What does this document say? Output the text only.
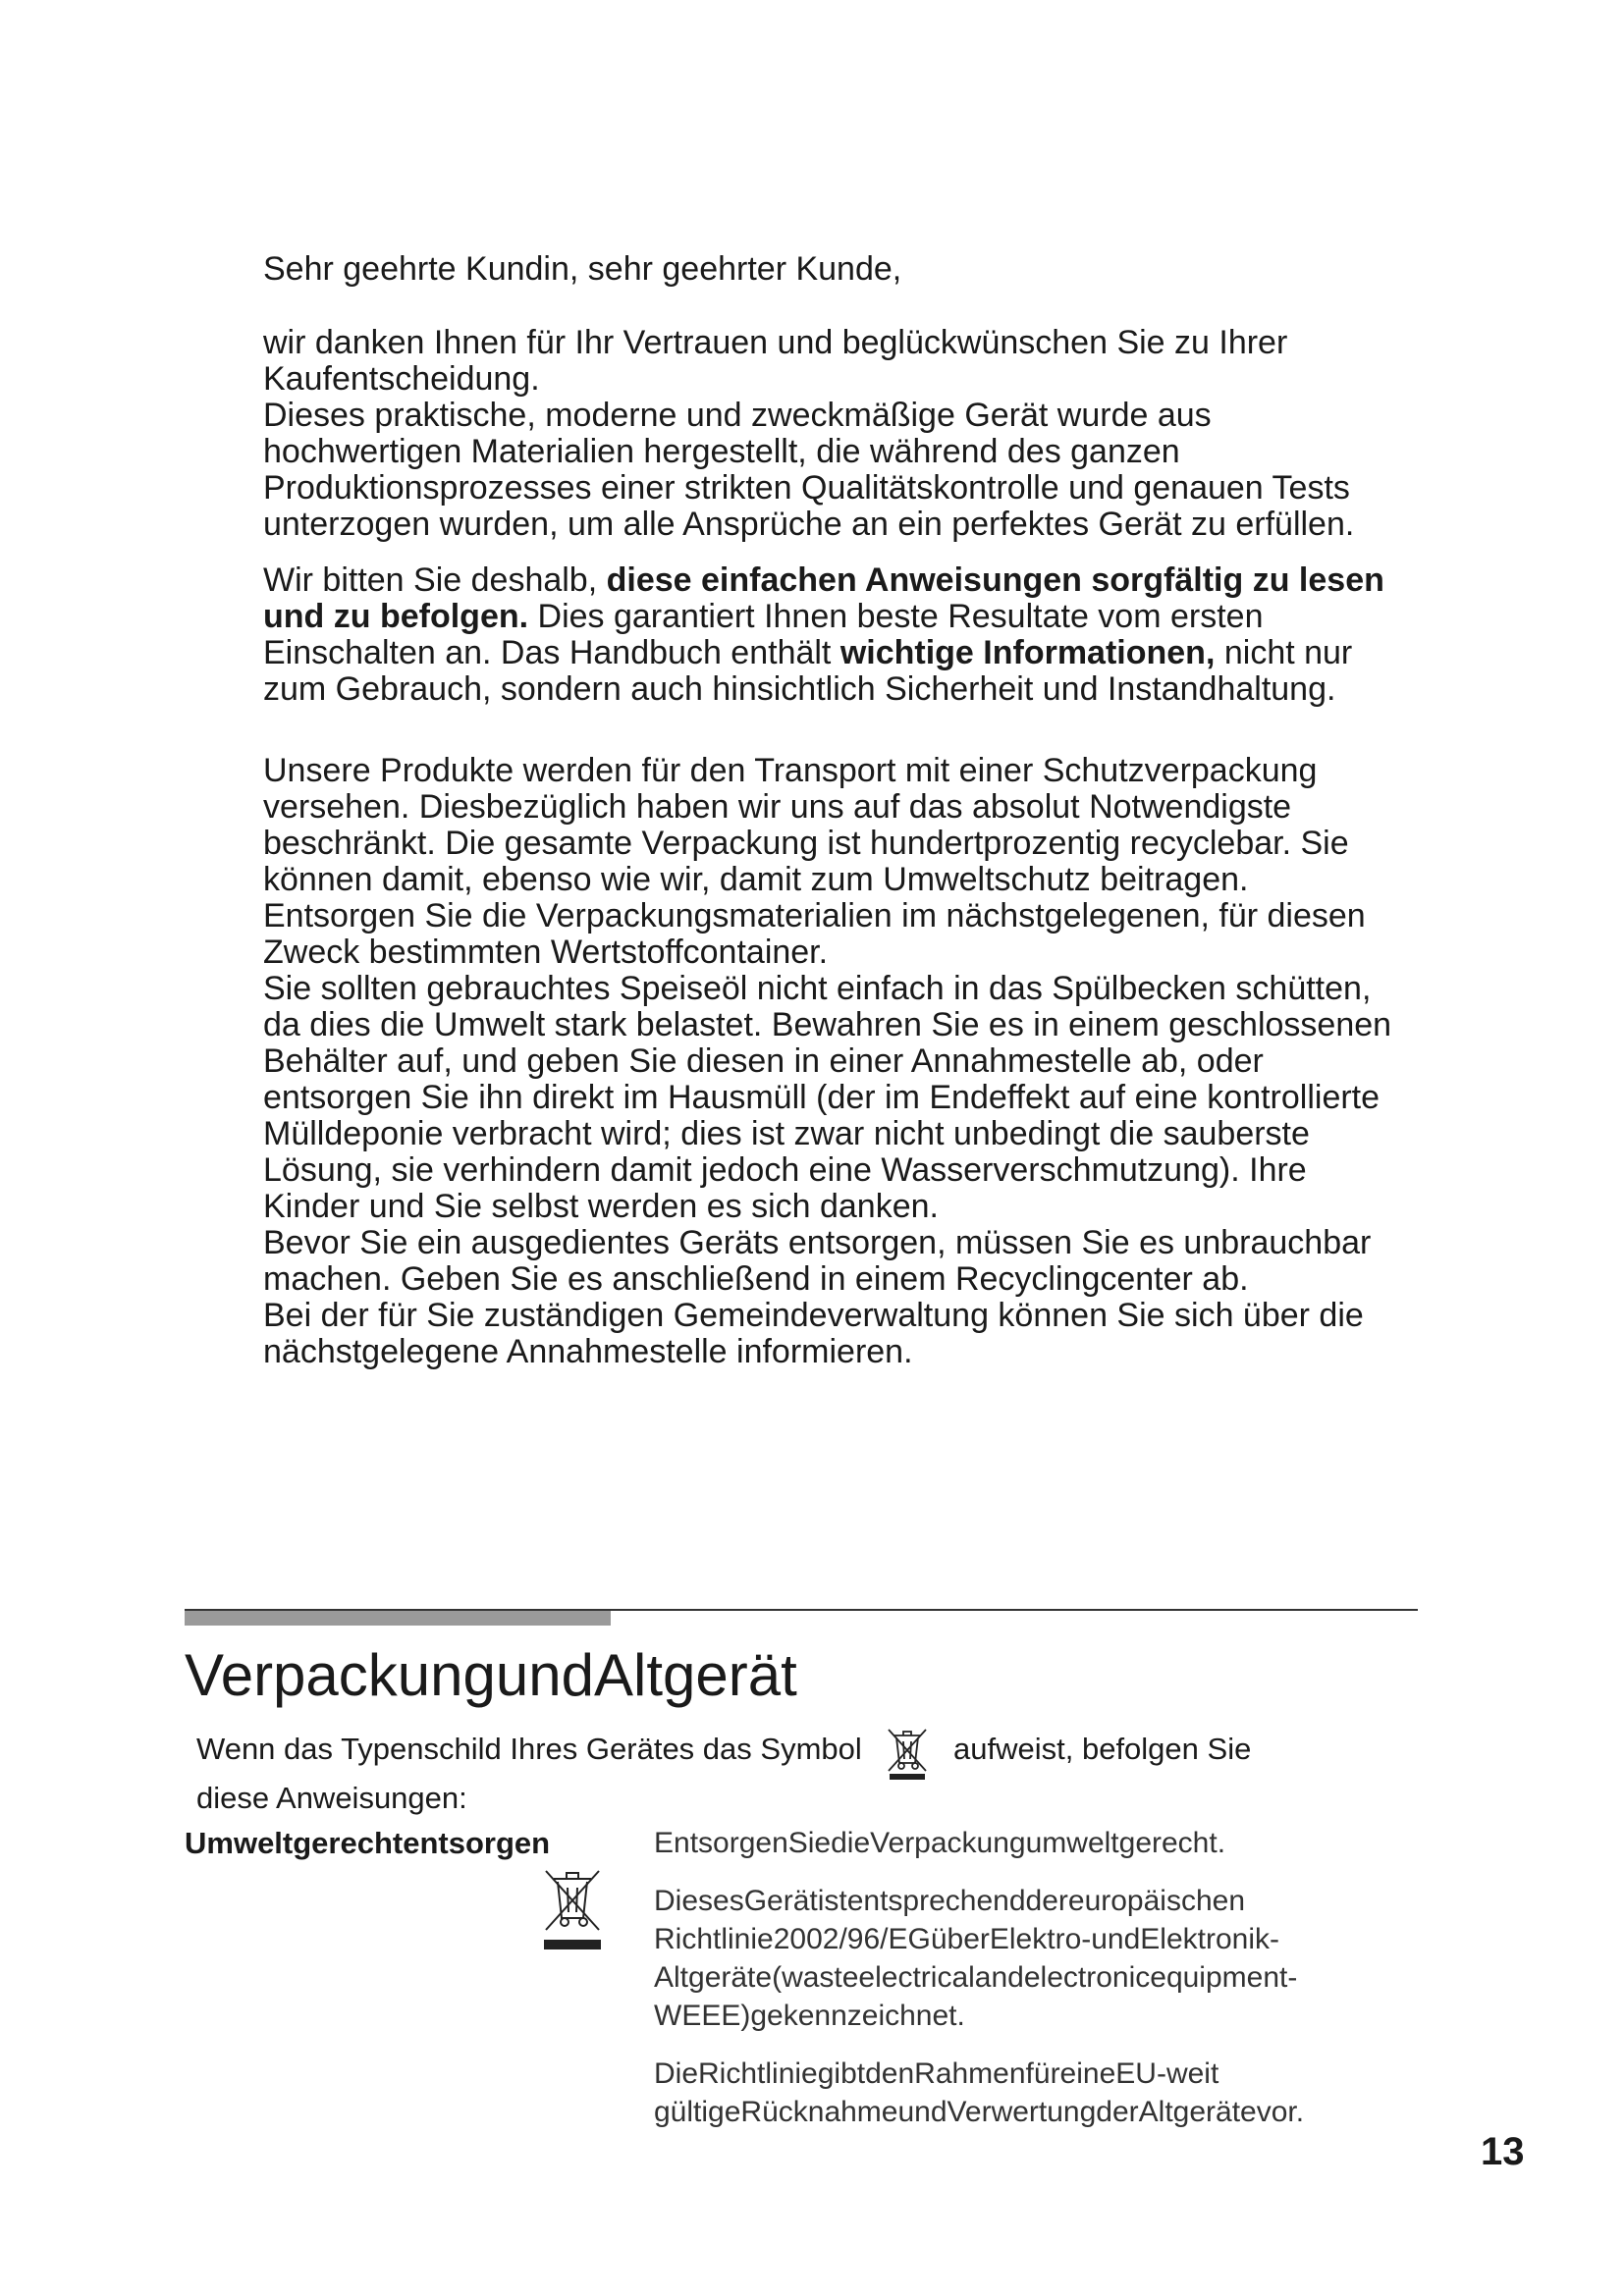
Sehr geehrte Kundin, sehr geehrter Kunde,

wir danken Ihnen für Ihr Vertrauen und beglückwünschen Sie zu Ihrer Kaufentscheidung.

Dieses praktische, moderne und zweckmäßige Gerät wurde aus hochwertigen Materialien hergestellt, die während des ganzen Produktionsprozesses einer strikten Qualitätskontrolle und genauen Tests unterzogen wurden, um alle Ansprüche an ein perfektes Gerät zu erfüllen.

Wir bitten Sie deshalb, diese einfachen Anweisungen sorgfältig zu lesen und zu befolgen. Dies garantiert Ihnen beste Resultate vom ersten Einschalten an. Das Handbuch enthält wichtige Informationen, nicht nur zum Gebrauch, sondern auch hinsichtlich Sicherheit und Instandhaltung.

Unsere Produkte werden für den Transport mit einer Schutzverpackung versehen. Diesbezüglich haben wir uns auf das absolut Notwendigste beschränkt. Die gesamte Verpackung ist hundertprozentig recyclebar. Sie können damit, ebenso wie wir, damit zum Umweltschutz beitragen. Entsorgen Sie die Verpackungsmaterialien im nächstgelegenen, für diesen Zweck bestimmten Wertstoffcontainer.

Sie sollten gebrauchtes Speiseöl nicht einfach in das Spülbecken schütten, da dies die Umwelt stark belastet. Bewahren Sie es in einem geschlossenen Behälter auf, und geben Sie diesen in einer Annahmestelle ab, oder entsorgen Sie ihn direkt im Hausmüll (der im Endeffekt auf eine kontrollierte Mülldeponie verbracht wird; dies ist zwar nicht unbedingt die sauberste Lösung, sie verhindern damit jedoch eine Wasserverschmutzung). Ihre Kinder und Sie selbst werden es sich danken.

Bevor Sie ein ausgedientes Geräts entsorgen, müssen Sie es unbrauchbar machen. Geben Sie es anschließend in einem Recyclingcenter ab.

Bei der für Sie zuständigen Gemeindeverwaltung können Sie sich über die nächstgelegene Annahmestelle informieren.

VerpackungundAltgerät

Wenn das Typenschild Ihres Gerätes das Symbol	aufweist, befolgen Sie diese Anweisungen:

Umweltgerechtentsorgen	EntsorgenSiedieVerpackungumweltgerecht.

DiesesGerätistentsprechenddereuropäischen Richtlinie2002/96/EGüberElektro-undElektronik-Altgeräte(wasteelectricalandelectronicequipment-WEEE)gekennzeichnet.

DieRichtliniegibtdenRahmenfüreineEU-weit gültigeRücknahmeundVerwertungderAltgerätevor.

13
